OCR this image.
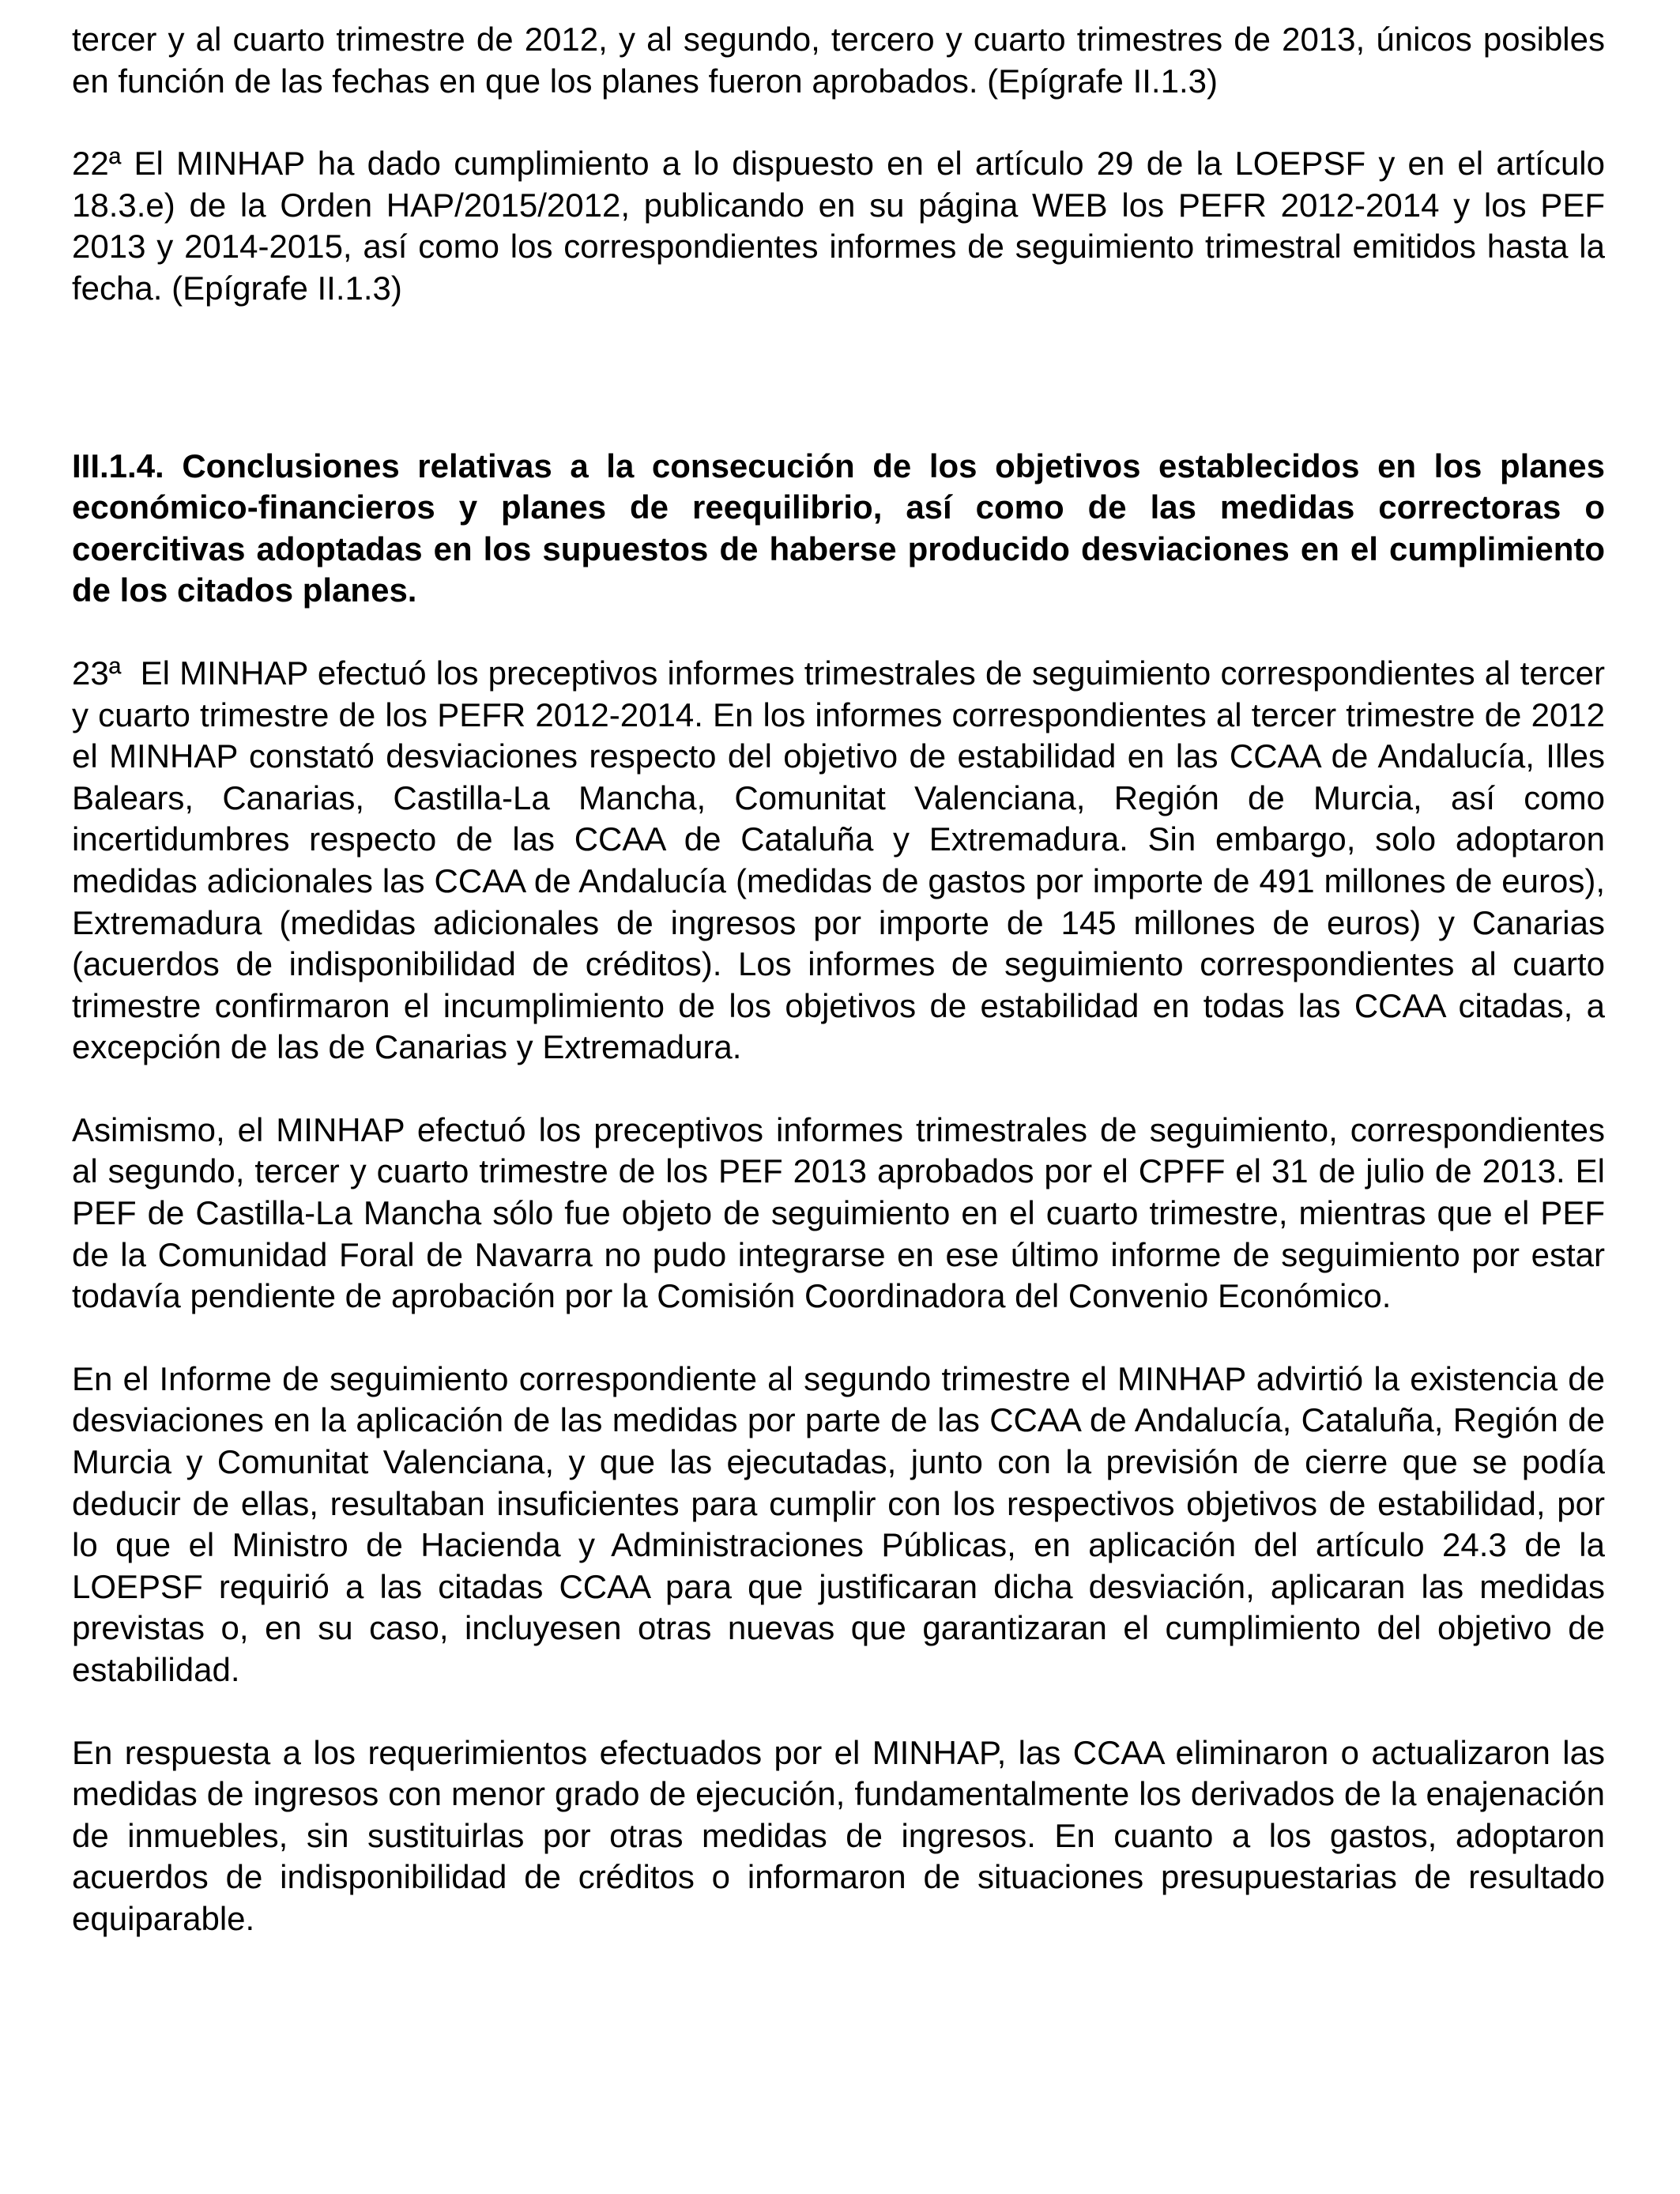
tercer y al cuarto trimestre de 2012, y al segundo, tercero y cuarto trimestres de 2013, únicos posibles en función de las fechas en que los planes fueron aprobados. (Epígrafe II.1.3)

22ª El MINHAP ha dado cumplimiento a lo dispuesto en el artículo 29 de la LOEPSF y en el artículo 18.3.e) de la Orden HAP/2015/2012, publicando en su página WEB los PEFR 2012-2014 y los PEF 2013 y 2014-2015, así como los correspondientes informes de seguimiento trimestral emitidos hasta la fecha. (Epígrafe II.1.3)

III.1.4. Conclusiones relativas a la consecución de los objetivos establecidos en los planes económico-financieros y planes de reequilibrio, así como de las medidas correctoras o coercitivas adoptadas en los supuestos de haberse producido desviaciones en el cumplimiento de los citados planes.

23ª El MINHAP efectuó los preceptivos informes trimestrales de seguimiento correspondientes al tercer y cuarto trimestre de los PEFR 2012-2014. En los informes correspondientes al tercer trimestre de 2012 el MINHAP constató desviaciones respecto del objetivo de estabilidad en las CCAA de Andalucía, Illes Balears, Canarias, Castilla-La Mancha, Comunitat Valenciana, Región de Murcia, así como incertidumbres respecto de las CCAA de Cataluña y Extremadura. Sin embargo, solo adoptaron medidas adicionales las CCAA de Andalucía (medidas de gastos por importe de 491 millones de euros), Extremadura (medidas adicionales de ingresos por importe de 145 millones de euros) y Canarias (acuerdos de indisponibilidad de créditos). Los informes de seguimiento correspondientes al cuarto trimestre confirmaron el incumplimiento de los objetivos de estabilidad en todas las CCAA citadas, a excepción de las de Canarias y Extremadura.

Asimismo, el MINHAP efectuó los preceptivos informes trimestrales de seguimiento, correspondientes al segundo, tercer y cuarto trimestre de los PEF 2013 aprobados por el CPFF el 31 de julio de 2013. El PEF de Castilla-La Mancha sólo fue objeto de seguimiento en el cuarto trimestre, mientras que el PEF de la Comunidad Foral de Navarra no pudo integrarse en ese último informe de seguimiento por estar todavía pendiente de aprobación por la Comisión Coordinadora del Convenio Económico.

En el Informe de seguimiento correspondiente al segundo trimestre el MINHAP advirtió la existencia de desviaciones en la aplicación de las medidas por parte de las CCAA de Andalucía, Cataluña, Región de Murcia y Comunitat Valenciana, y que las ejecutadas, junto con la previsión de cierre que se podía deducir de ellas, resultaban insuficientes para cumplir con los respectivos objetivos de estabilidad, por lo que el Ministro de Hacienda y Administraciones Públicas, en aplicación del artículo 24.3 de la LOEPSF requirió a las citadas CCAA para que justificaran dicha desviación, aplicaran las medidas previstas o, en su caso, incluyesen otras nuevas que garantizaran el cumplimiento del objetivo de estabilidad.

En respuesta a los requerimientos efectuados por el MINHAP, las CCAA eliminaron o actualizaron las medidas de ingresos con menor grado de ejecución, fundamentalmente los derivados de la enajenación de inmuebles, sin sustituirlas por otras medidas de ingresos. En cuanto a los gastos, adoptaron acuerdos de indisponibilidad de créditos o informaron de situaciones presupuestarias de resultado equiparable.
